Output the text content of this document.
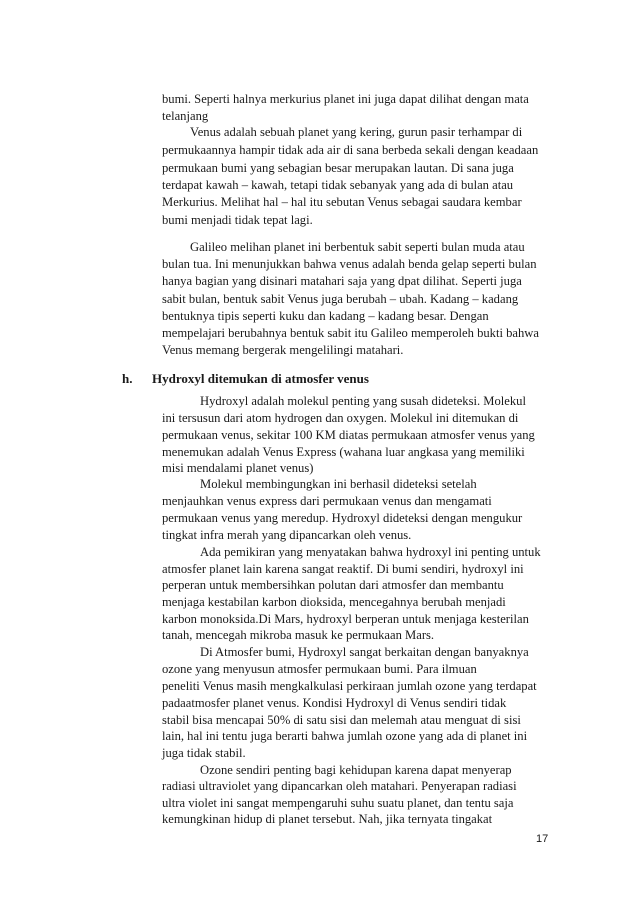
bumi. Seperti halnya merkurius planet ini juga dapat dilihat dengan mata
telanjang
Venus adalah sebuah planet yang kering, gurun pasir terhampar di
permukaannya hampir tidak ada air di sana berbeda sekali dengan keadaan
permukaan bumi yang sebagian besar merupakan lautan. Di sana juga
terdapat kawah – kawah, tetapi tidak sebanyak yang ada di bulan atau
Merkurius. Melihat hal – hal itu sebutan Venus sebagai saudara kembar
bumi menjadi tidak tepat lagi.
Galileo melihan planet ini berbentuk sabit seperti bulan muda atau
bulan tua. Ini menunjukkan bahwa venus adalah benda gelap seperti bulan
hanya bagian yang disinari matahari saja yang dpat dilihat. Seperti juga
sabit bulan, bentuk sabit Venus juga berubah – ubah. Kadang – kadang
bentuknya tipis seperti kuku dan kadang – kadang besar. Dengan
mempelajari berubahnya bentuk sabit itu Galileo memperoleh bukti bahwa
Venus memang bergerak mengelilingi matahari.
h. Hydroxyl ditemukan di atmosfer venus
Hydroxyl adalah molekul penting yang susah dideteksi. Molekul
ini tersusun dari atom hydrogen dan oxygen. Molekul ini ditemukan di
permukaan venus, sekitar 100 KM diatas permukaan atmosfer venus yang
menemukan adalah Venus Express (wahana luar angkasa yang memiliki
misi mendalami planet venus)
Molekul membingungkan ini berhasil dideteksi setelah
menjauhkan venus express dari permukaan venus dan mengamati
permukaan venus yang meredup. Hydroxyl dideteksi dengan mengukur
tingkat infra merah yang dipancarkan oleh venus.
Ada pemikiran yang menyatakan bahwa hydroxyl ini penting untuk
atmosfer planet lain karena sangat reaktif. Di bumi sendiri, hydroxyl ini
perperan untuk membersihkan polutan dari atmosfer dan membantu
menjaga kestabilan karbon dioksida, mencegahnya berubah menjadi
karbon monoksida.Di Mars, hydroxyl berperan untuk menjaga kesterilan
tanah, mencegah mikroba masuk ke permukaan Mars.
Di Atmosfer bumi, Hydroxyl sangat berkaitan dengan banyaknya
ozone yang menyusun atmosfer permukaan bumi. Para ilmuan
peneliti Venus masih mengkalkulasi perkiraan jumlah ozone yang terdapat
padaatmosfer planet venus. Kondisi Hydroxyl di Venus sendiri tidak
stabil bisa mencapai 50% di satu sisi dan melemah atau menguat di sisi
lain, hal ini tentu juga berarti bahwa jumlah ozone yang ada di planet ini
juga tidak stabil.
Ozone sendiri penting bagi kehidupan karena dapat menyerap
radiasi ultraviolet yang dipancarkan oleh matahari. Penyerapan radiasi
ultra violet ini sangat mempengaruhi suhu suatu planet, dan tentu saja
kemungkinan hidup di planet tersebut. Nah, jika ternyata tingakat
17
